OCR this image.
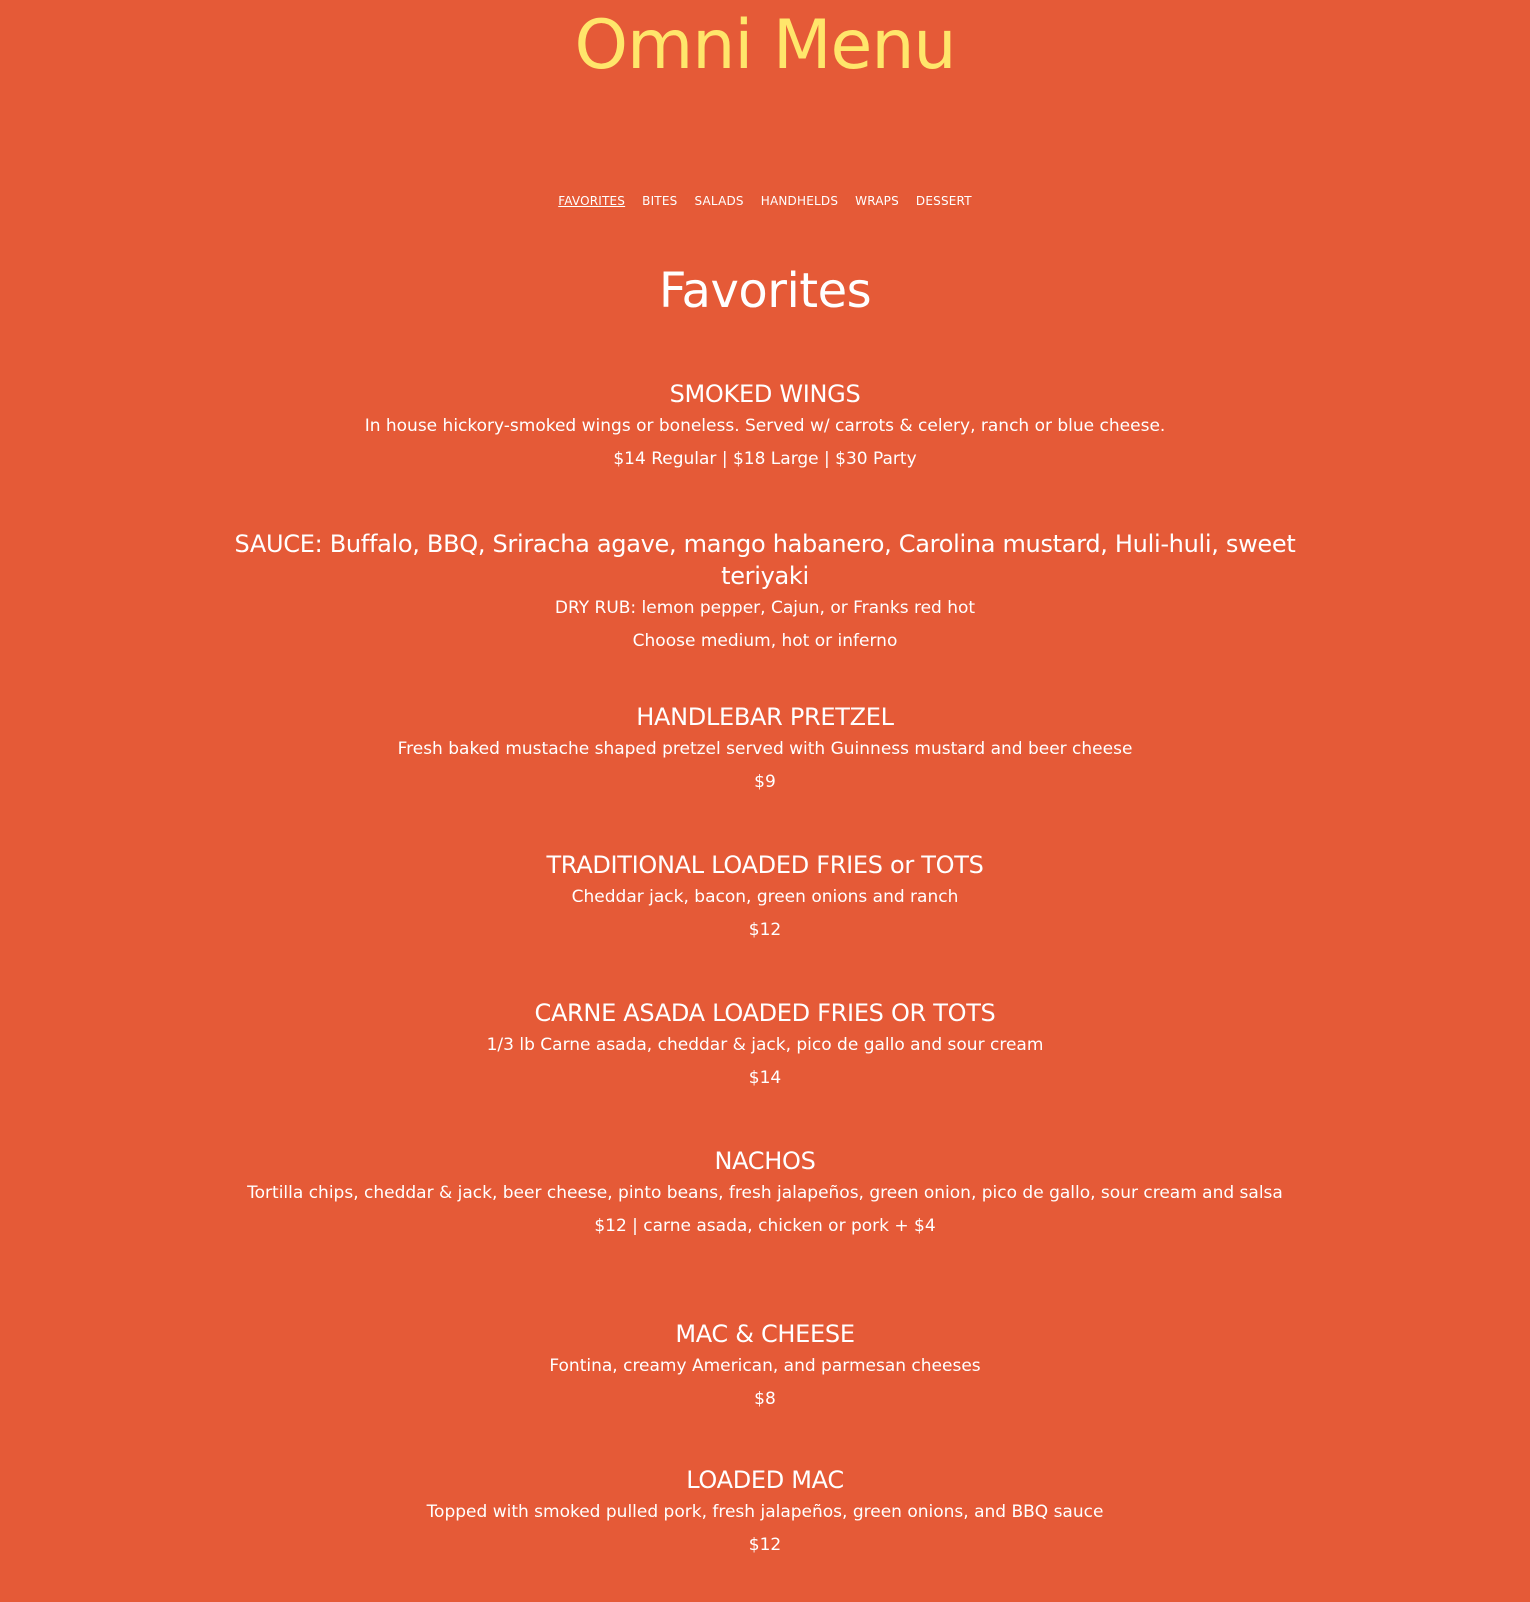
Omni Menu
FAVORITES BITES SALADS HANDHELDS WRAPS DESSERT
Favorites
SMOKED WINGS

In house hickory-smoked wings or boneless. Served w/ carrots & celery, ranch or blue cheese.

$14 Regular | $18 Large | $30 Party

SAUCE: Buffalo, BBQ, Sriracha agave, mango habanero, Carolina mustard, Huli-huli, sweet teriyaki

DRY RUB: lemon pepper, Cajun, or Franks red hot

Choose medium, hot or inferno

HANDLEBAR PRETZEL

Fresh baked mustache shaped pretzel served with Guinness mustard and beer cheese

$9

TRADITIONAL LOADED FRIES or TOTS

Cheddar jack, bacon, green onions and ranch

$12

CARNE ASADA LOADED FRIES OR TOTS

1/3 lb Carne asada, cheddar & jack, pico de gallo and sour cream

$14

NACHOS

Tortilla chips, cheddar & jack, beer cheese, pinto beans, fresh jalapeños, green onion, pico de gallo, sour cream and salsa

$12 | carne asada, chicken or pork + $4

MAC & CHEESE

Fontina, creamy American, and parmesan cheeses

$8

LOADED MAC

Topped with smoked pulled pork, fresh jalapeños, green onions, and BBQ sauce

$12
